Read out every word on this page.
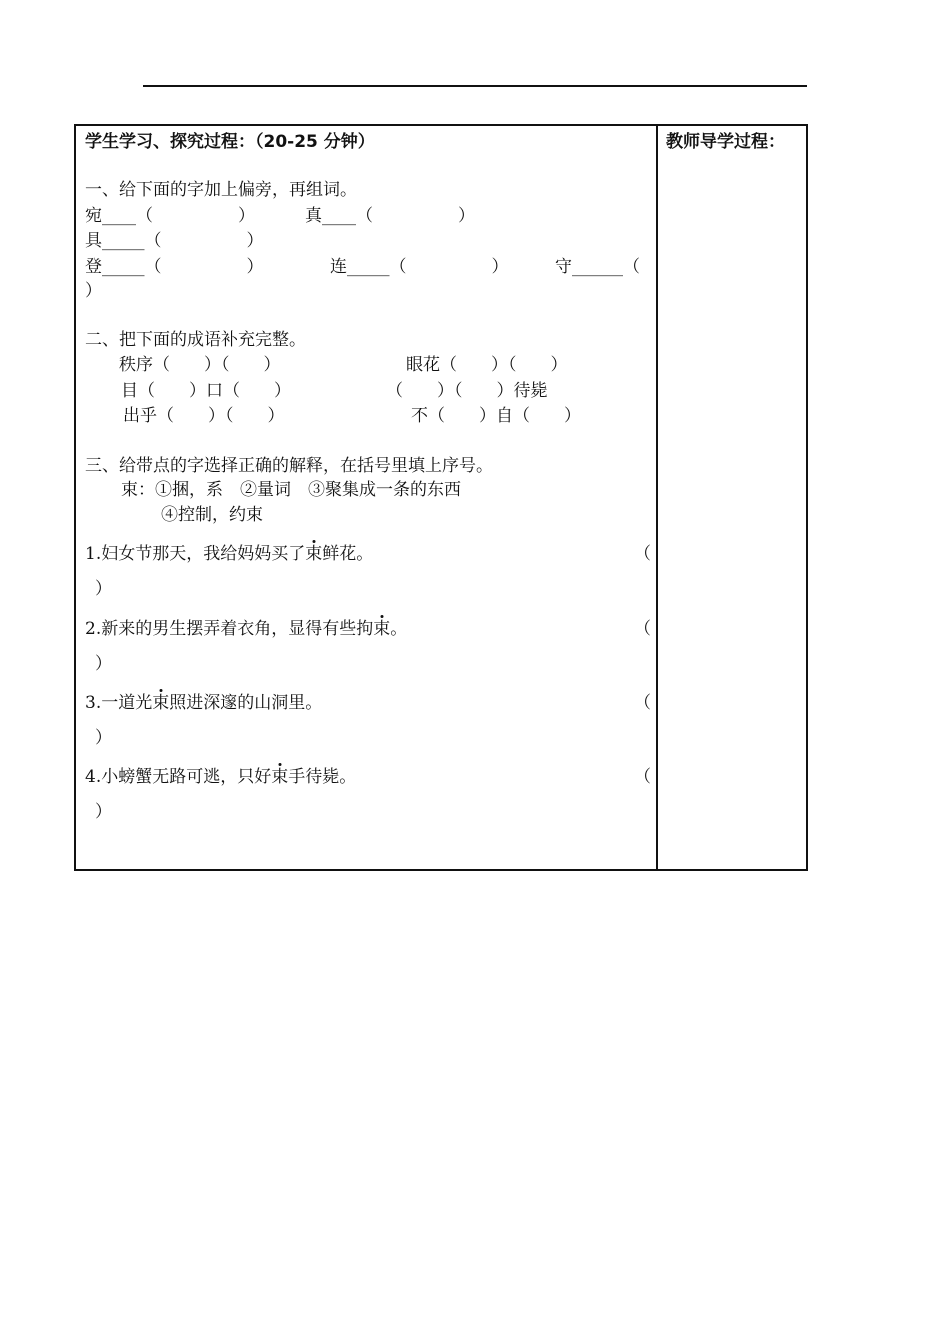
学生学习、探究过程：（20-25 分钟）	教师导学过程：
一、给下面的字加上偏旁，再组词。
宛____（　　　　　）	真____（　　　　　）
具_____（　　　　　）
登_____（　　　　　）	连_____（　　　　　）	守______（
）
二、把下面的成语补充完整。
秩序（　　）（　　）	眼花（　　）（　　）
目（　　）口（　　）	（　　）（　　）待毙
出乎（　　）（　　）	不（　　）自（　　）
三、给带点的字选择正确的解释，在括号里填上序号。
束：①捆，系　②量词　③聚集成一条的东西
④控制，约束
1.妇女节那天，我给妈妈买了束鲜花。	（
）
2.新来的男生摆弄着衣角，显得有些拘束。	（
）
3.一道光束照进深邃的山洞里。	（
）
4.小螃蟹无路可逃，只好束手待毙。	（
）
